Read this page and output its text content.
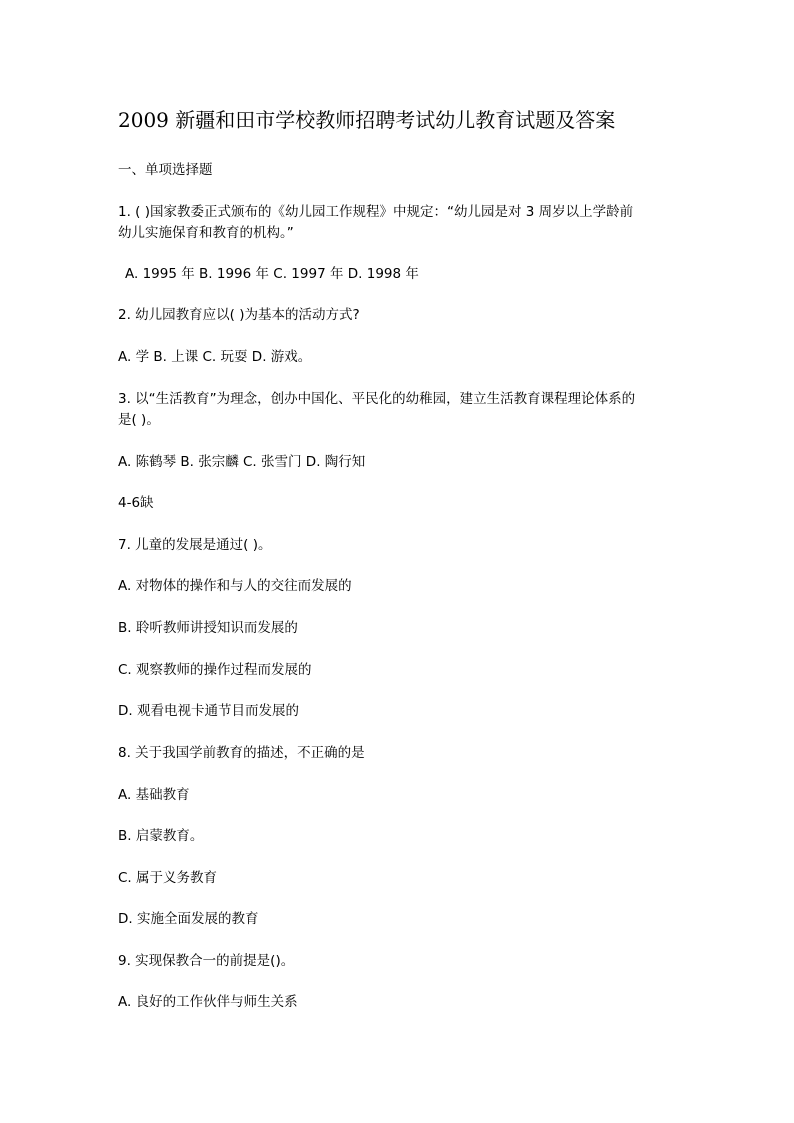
2009 新疆和田市学校教师招聘考试幼儿教育试题及答案
一、单项选择题
1. ( )国家教委正式颁布的《幼儿园工作规程》中规定：“幼儿园是对 3 周岁以上学龄前
幼儿实施保育和教育的机构。”
A. 1995 年 B. 1996 年 C. 1997 年 D. 1998 年
2. 幼儿园教育应以( )为基本的活动方式?
A. 学 B. 上课 C. 玩耍 D. 游戏。
3. 以“生活教育”为理念，创办中国化、平民化的幼稚园，建立生活教育课程理论体系的
是( )。
A. 陈鹤琴 B. 张宗麟 C. 张雪门 D. 陶行知
4-6缺
7. 儿童的发展是通过( )。
A. 对物体的操作和与人的交往而发展的
B. 聆听教师讲授知识而发展的
C. 观察教师的操作过程而发展的
D. 观看电视卡通节目而发展的
8. 关于我国学前教育的描述，不正确的是
A. 基础教育
B. 启蒙教育。
C. 属于义务教育
D. 实施全面发展的教育
9. 实现保教合一的前提是()。
A. 良好的工作伙伴与师生关系
